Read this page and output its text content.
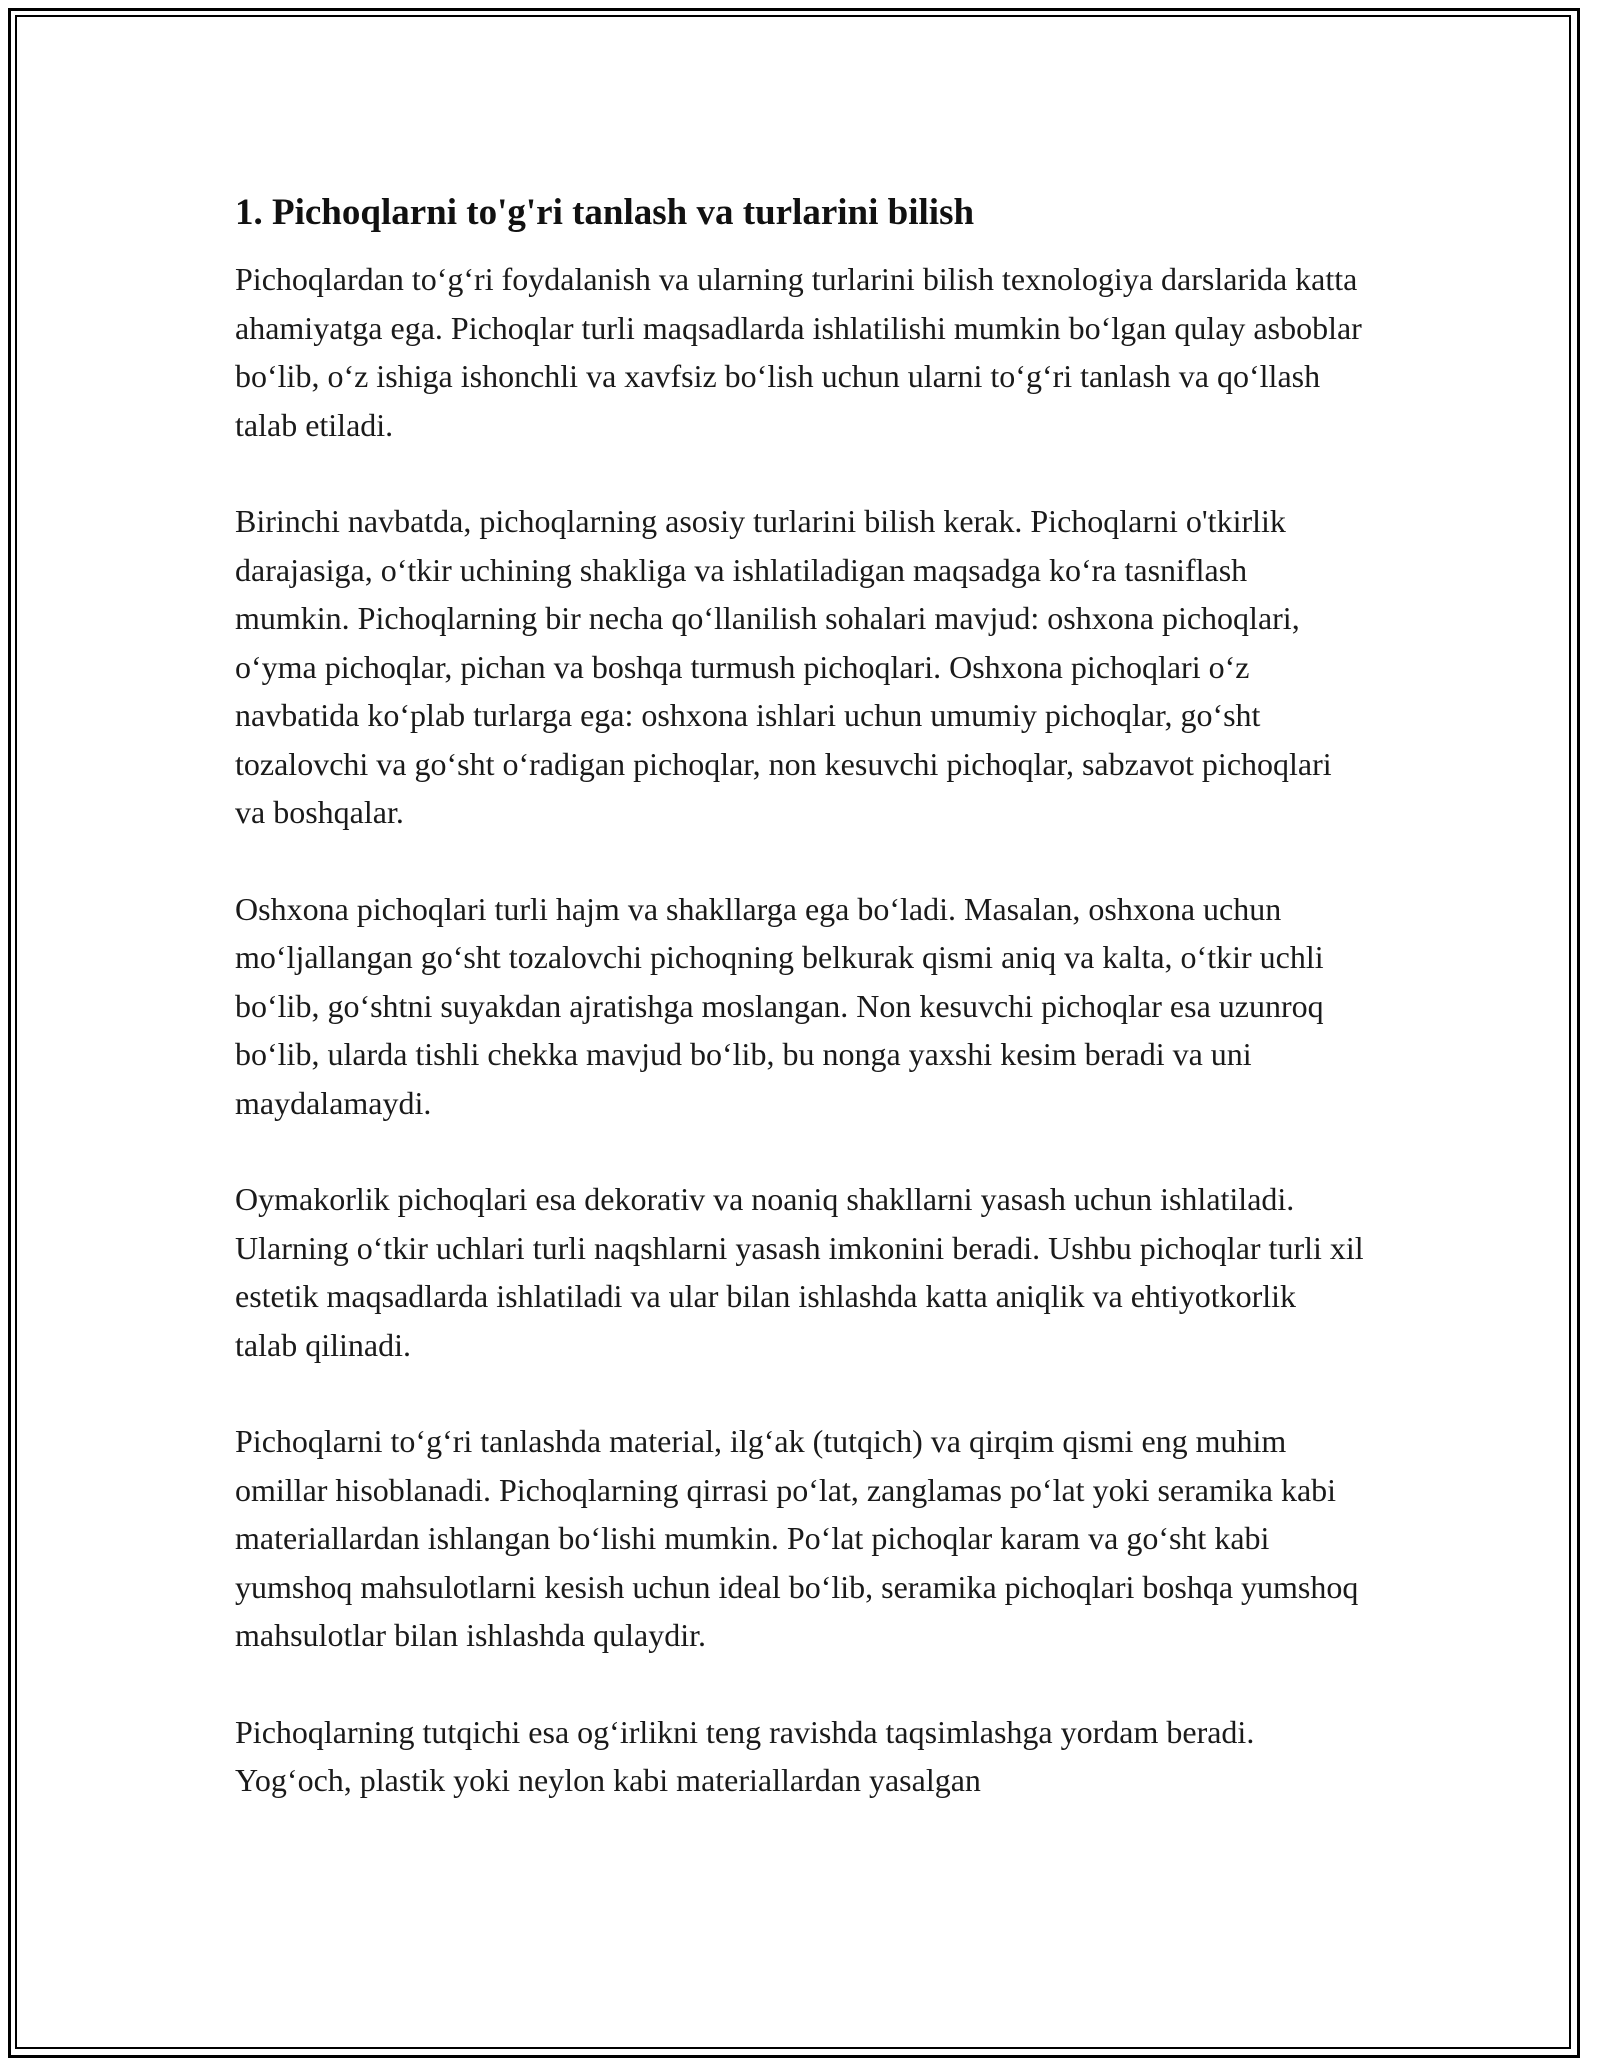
1. Pichoqlarni to'g'ri tanlash va turlarini bilish

Pichoqlardan to‘g‘ri foydalanish va ularning turlarini bilish texnologiya darslarida katta ahamiyatga ega. Pichoqlar turli maqsadlarda ishlatilishi mumkin bo‘lgan qulay asboblar bo‘lib, o‘z ishiga ishonchli va xavfsiz bo‘lish uchun ularni to‘g‘ri tanlash va qo‘llash talab etiladi.

Birinchi navbatda, pichoqlarning asosiy turlarini bilish kerak. Pichoqlarni o'tkirlik darajasiga, o‘tkir uchining shakliga va ishlatiladigan maqsadga ko‘ra tasniflash mumkin. Pichoqlarning bir necha qo‘llanilish sohalari mavjud: oshxona pichoqlari, o‘yma pichoqlar, pichan va boshqa turmush pichoqlari. Oshxona pichoqlari o‘z navbatida ko‘plab turlarga ega: oshxona ishlari uchun umumiy pichoqlar, go‘sht tozalovchi va go‘sht o‘radigan pichoqlar, non kesuvchi pichoqlar, sabzavot pichoqlari va boshqalar.

Oshxona pichoqlari turli hajm va shakllarga ega bo‘ladi. Masalan, oshxona uchun mo‘ljallangan go‘sht tozalovchi pichoqning belkurak qismi aniq va kalta, o‘tkir uchli bo‘lib, go‘shtni suyakdan ajratishga moslangan. Non kesuvchi pichoqlar esa uzunroq bo‘lib, ularda tishli chekka mavjud bo‘lib, bu nonga yaxshi kesim beradi va uni maydalamaydi.

Oymakorlik pichoqlari esa dekorativ va noaniq shakllarni yasash uchun ishlatiladi. Ularning o‘tkir uchlari turli naqshlarni yasash imkonini beradi. Ushbu pichoqlar turli xil estetik maqsadlarda ishlatiladi va ular bilan ishlashda katta aniqlik va ehtiyotkorlik talab qilinadi.

Pichoqlarni to‘g‘ri tanlashda material, ilg‘ak (tutqich) va qirqim qismi eng muhim omillar hisoblanadi. Pichoqlarning qirrasi po‘lat, zanglamas po‘lat yoki seramika kabi materiallardan ishlangan bo‘lishi mumkin. Po‘lat pichoqlar karam va go‘sht kabi yumshoq mahsulotlarni kesish uchun ideal bo‘lib, seramika pichoqlari boshqa yumshoq mahsulotlar bilan ishlashda qulaydir.

Pichoqlarning tutqichi esa og‘irlikni teng ravishda taqsimlashga yordam beradi. Yog‘och, plastik yoki neylon kabi materiallardan yasalgan
